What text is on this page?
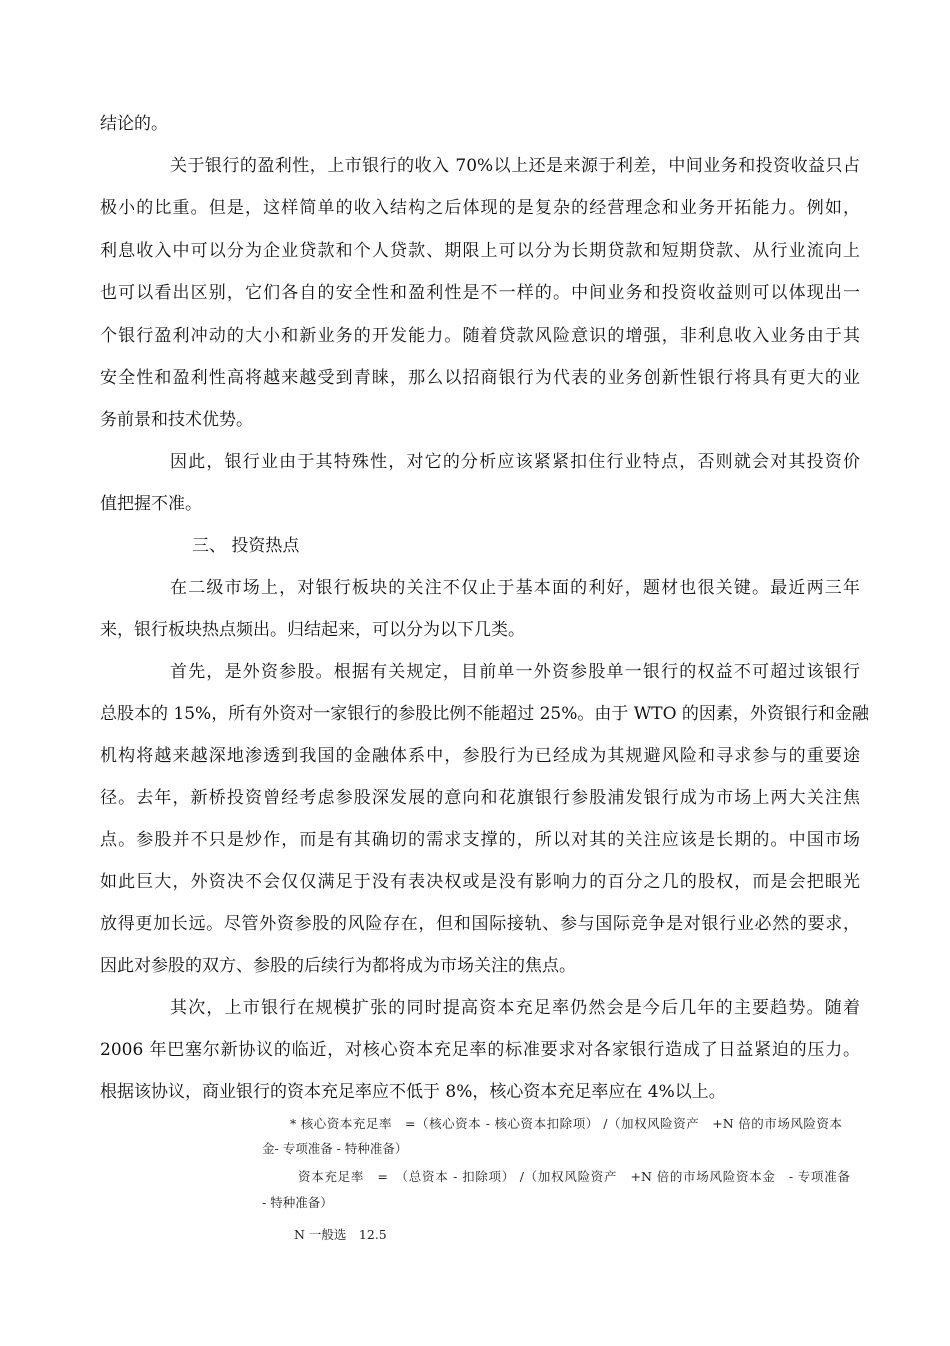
结论的。
关于银行的盈利性，上市银行的收入 70%以上还是来源于利差，中间业务和投资收益只占
极小的比重。但是，这样简单的收入结构之后体现的是复杂的经营理念和业务开拓能力。例如，
利息收入中可以分为企业贷款和个人贷款、期限上可以分为长期贷款和短期贷款、从行业流向上
也可以看出区别，它们各自的安全性和盈利性是不一样的。中间业务和投资收益则可以体现出一
个银行盈利冲动的大小和新业务的开发能力。随着贷款风险意识的增强，非利息收入业务由于其
安全性和盈利性高将越来越受到青睐，那么以招商银行为代表的业务创新性银行将具有更大的业
务前景和技术优势。
因此，银行业由于其特殊性，对它的分析应该紧紧扣住行业特点，否则就会对其投资价
值把握不准。
三、 投资热点
在二级市场上，对银行板块的关注不仅止于基本面的利好，题材也很关键。最近两三年
来，银行板块热点频出。归结起来，可以分为以下几类。
首先，是外资参股。根据有关规定，目前单一外资参股单一银行的权益不可超过该银行
总股本的 15%，所有外资对一家银行的参股比例不能超过 25%。由于 WTO 的因素，外资银行和金融
机构将越来越深地渗透到我国的金融体系中，参股行为已经成为其规避风险和寻求参与的重要途
径。去年，新桥投资曾经考虑参股深发展的意向和花旗银行参股浦发银行成为市场上两大关注焦
点。参股并不只是炒作，而是有其确切的需求支撑的，所以对其的关注应该是长期的。中国市场
如此巨大，外资决不会仅仅满足于没有表决权或是没有影响力的百分之几的股权，而是会把眼光
放得更加长远。尽管外资参股的风险存在，但和国际接轨、参与国际竞争是对银行业必然的要求，
因此对参股的双方、参股的后续行为都将成为市场关注的焦点。
其次，上市银行在规模扩张的同时提高资本充足率仍然会是今后几年的主要趋势。随着
2006 年巴塞尔新协议的临近，对核心资本充足率的标准要求对各家银行造成了日益紧迫的压力。
根据该协议，商业银行的资本充足率应不低于 8%，核心资本充足率应在 4%以上。
* 核心资本充足率　=（核心资本 - 核心资本扣除项） /（加权风险资产　+N 倍的市场风险资本
金- 专项准备 - 特种准备）
资本充足率　=　（总资本 - 扣除项） /（加权风险资产　+N 倍的市场风险资本金　- 专项准备
- 特种准备）
N 一般选　12.5
